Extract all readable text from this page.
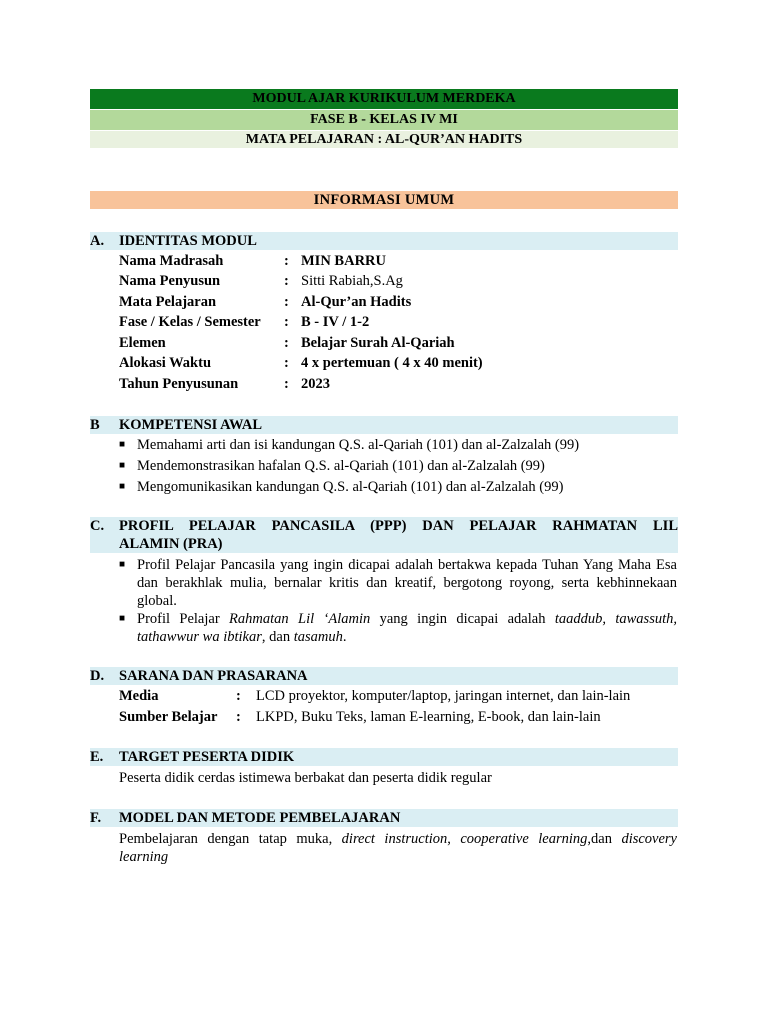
MODUL AJAR KURIKULUM MERDEKA
FASE B - KELAS IV MI
MATA PELAJARAN : AL-QUR’AN HADITS
INFORMASI UMUM
A. IDENTITAS MODUL
Nama Madrasah	: MIN BARRU
Nama Penyusun	: Sitti Rabiah,S.Ag
Mata Pelajaran	: Al-Qur’an Hadits
Fase / Kelas / Semester : B - IV / 1-2
Elemen	: Belajar Surah Al-Qariah
Alokasi Waktu	: 4 x pertemuan ( 4 x 40 menit)
Tahun Penyusunan	: 2023
B KOMPETENSI AWAL
■ Memahami arti dan isi kandungan Q.S. al-Qariah (101) dan al-Zalzalah (99)
■ Mendemonstrasikan hafalan Q.S. al-Qariah (101) dan al-Zalzalah (99)
■ Mengomunikasikan kandungan Q.S. al-Qariah (101) dan al-Zalzalah (99)
C. PROFIL  PELAJAR  PANCASILA  (PPP)  DAN  PELAJAR  RAHMATAN  LIL
ALAMIN (PRA)
■ Profil Pelajar Pancasila yang ingin dicapai adalah bertakwa kepada Tuhan Yang Maha Esa dan berakhlak mulia, bernalar kritis dan kreatif, bergotong royong, serta kebhinnekaan global.
■ Profil Pelajar Rahmatan Lil ‘Alamin yang ingin dicapai adalah taaddub, tawassuth, tathawwur wa ibtikar, dan tasamuh.
D. SARANA DAN PRASARANA
Media	: LCD proyektor, komputer/laptop, jaringan internet, dan lain-lain
Sumber Belajar : LKPD, Buku Teks, laman E-learning, E-book, dan lain-lain
E. TARGET PESERTA DIDIK
Peserta didik cerdas istimewa berbakat dan peserta didik regular
F. MODEL DAN METODE PEMBELAJARAN
Pembelajaran dengan tatap muka, direct instruction, cooperative learning,dan discovery learning
